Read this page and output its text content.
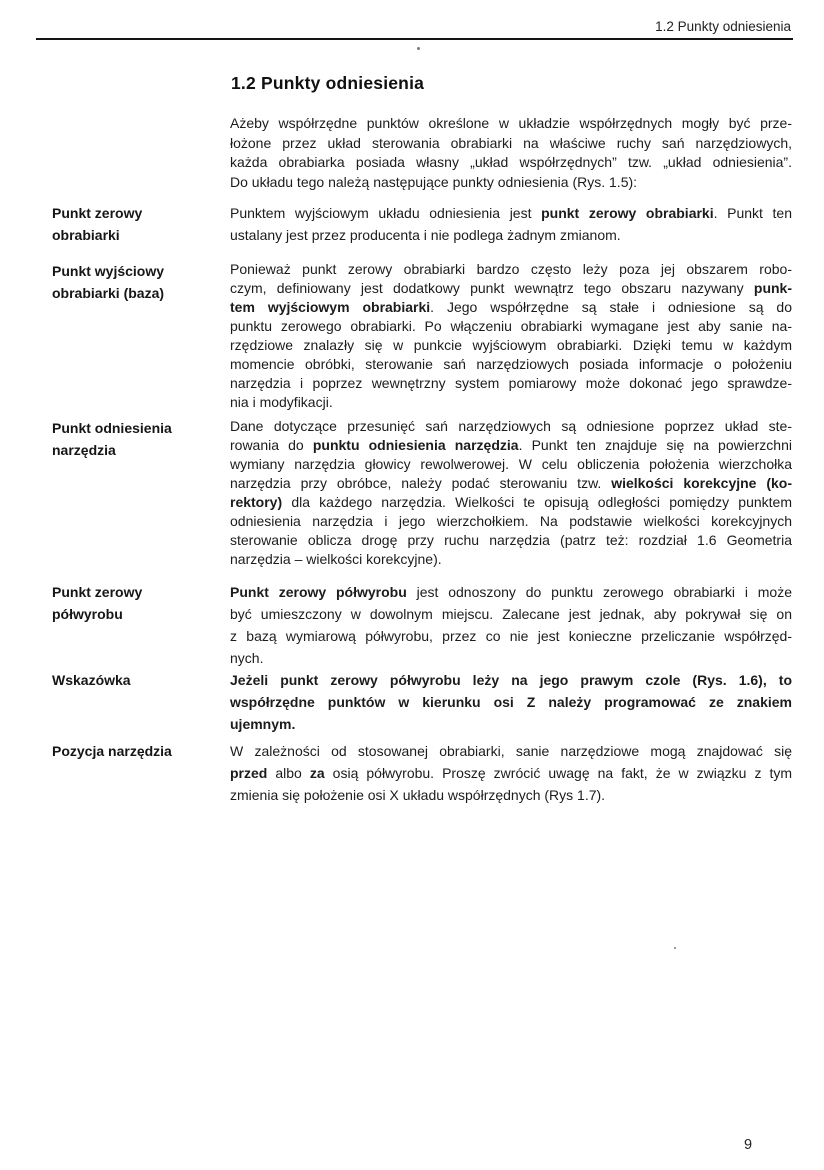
1.2 Punkty odniesienia
1.2 Punkty odniesienia
Ażeby współrzędne punktów określone w układzie współrzędnych mogły być prze-
łożone przez układ sterowania obrabiarki na właściwe ruchy sań narzędziowych,
każda obrabiarka posiada własny „układ współrzędnych” tzw. „układ odniesienia”.
Do układu tego należą następujące punkty odniesienia (Rys. 1.5):
Punkt zerowy
obrabiarki
Punktem wyjściowym układu odniesienia jest punkt zerowy obrabiarki. Punkt ten
ustalany jest przez producenta i nie podlega żadnym zmianom.
Punkt wyjściowy
obrabiarki (baza)
Ponieważ punkt zerowy obrabiarki bardzo często leży poza jej obszarem robo-
czym, definiowany jest dodatkowy punkt wewnątrz tego obszaru nazywany punk-
tem wyjściowym obrabiarki. Jego współrzędne są stałe i odniesione są do
punktu zerowego obrabiarki. Po włączeniu obrabiarki wymagane jest aby sanie na-
rzędziowe znalazły się w punkcie wyjściowym obrabiarki. Dzięki temu w każdym
momencie obróbki, sterowanie sań narzędziowych posiada informacje o położeniu
narzędzia i poprzez wewnętrzny system pomiarowy może dokonać jego sprawdze-
nia i modyfikacji.
Punkt odniesienia
narzędzia
Dane dotyczące przesunięć sań narzędziowych są odniesione poprzez układ ste-
rowania do punktu odniesienia narzędzia. Punkt ten znajduje się na powierzchni
wymiany narzędzia głowicy rewolwerowej. W celu obliczenia położenia wierzchołka
narzędzia przy obróbce, należy podać sterowaniu tzw. wielkości korekcyjne (ko-
rektory) dla każdego narzędzia. Wielkości te opisują odległości pomiędzy punktem
odniesienia narzędzia i jego wierzchołkiem. Na podstawie wielkości korekcyjnych
sterowanie oblicza drogę przy ruchu narzędzia (patrz też: rozdział 1.6 Geometria
narzędzia – wielkości korekcyjne).
Punkt zerowy
półwyrobu
Punkt zerowy półwyrobu jest odnoszony do punktu zerowego obrabiarki i może
być umieszczony w dowolnym miejscu. Zalecane jest jednak, aby pokrywał się on
z bazą wymiarową półwyrobu, przez co nie jest konieczne przeliczanie współrzęd-
nych.
Wskazówka	Jeżeli punkt zerowy półwyrobu leży na jego prawym czole (Rys. 1.6), to
współrzędne punktów w kierunku osi Z należy programować ze znakiem
ujemnym.
Pozycja narzędzia	W zależności od stosowanej obrabiarki, sanie narzędziowe mogą znajdować się
przed albo za osią półwyrobu. Proszę zwrócić uwagę na fakt, że w związku z tym
zmienia się położenie osi X układu współrzędnych (Rys 1.7).
9
